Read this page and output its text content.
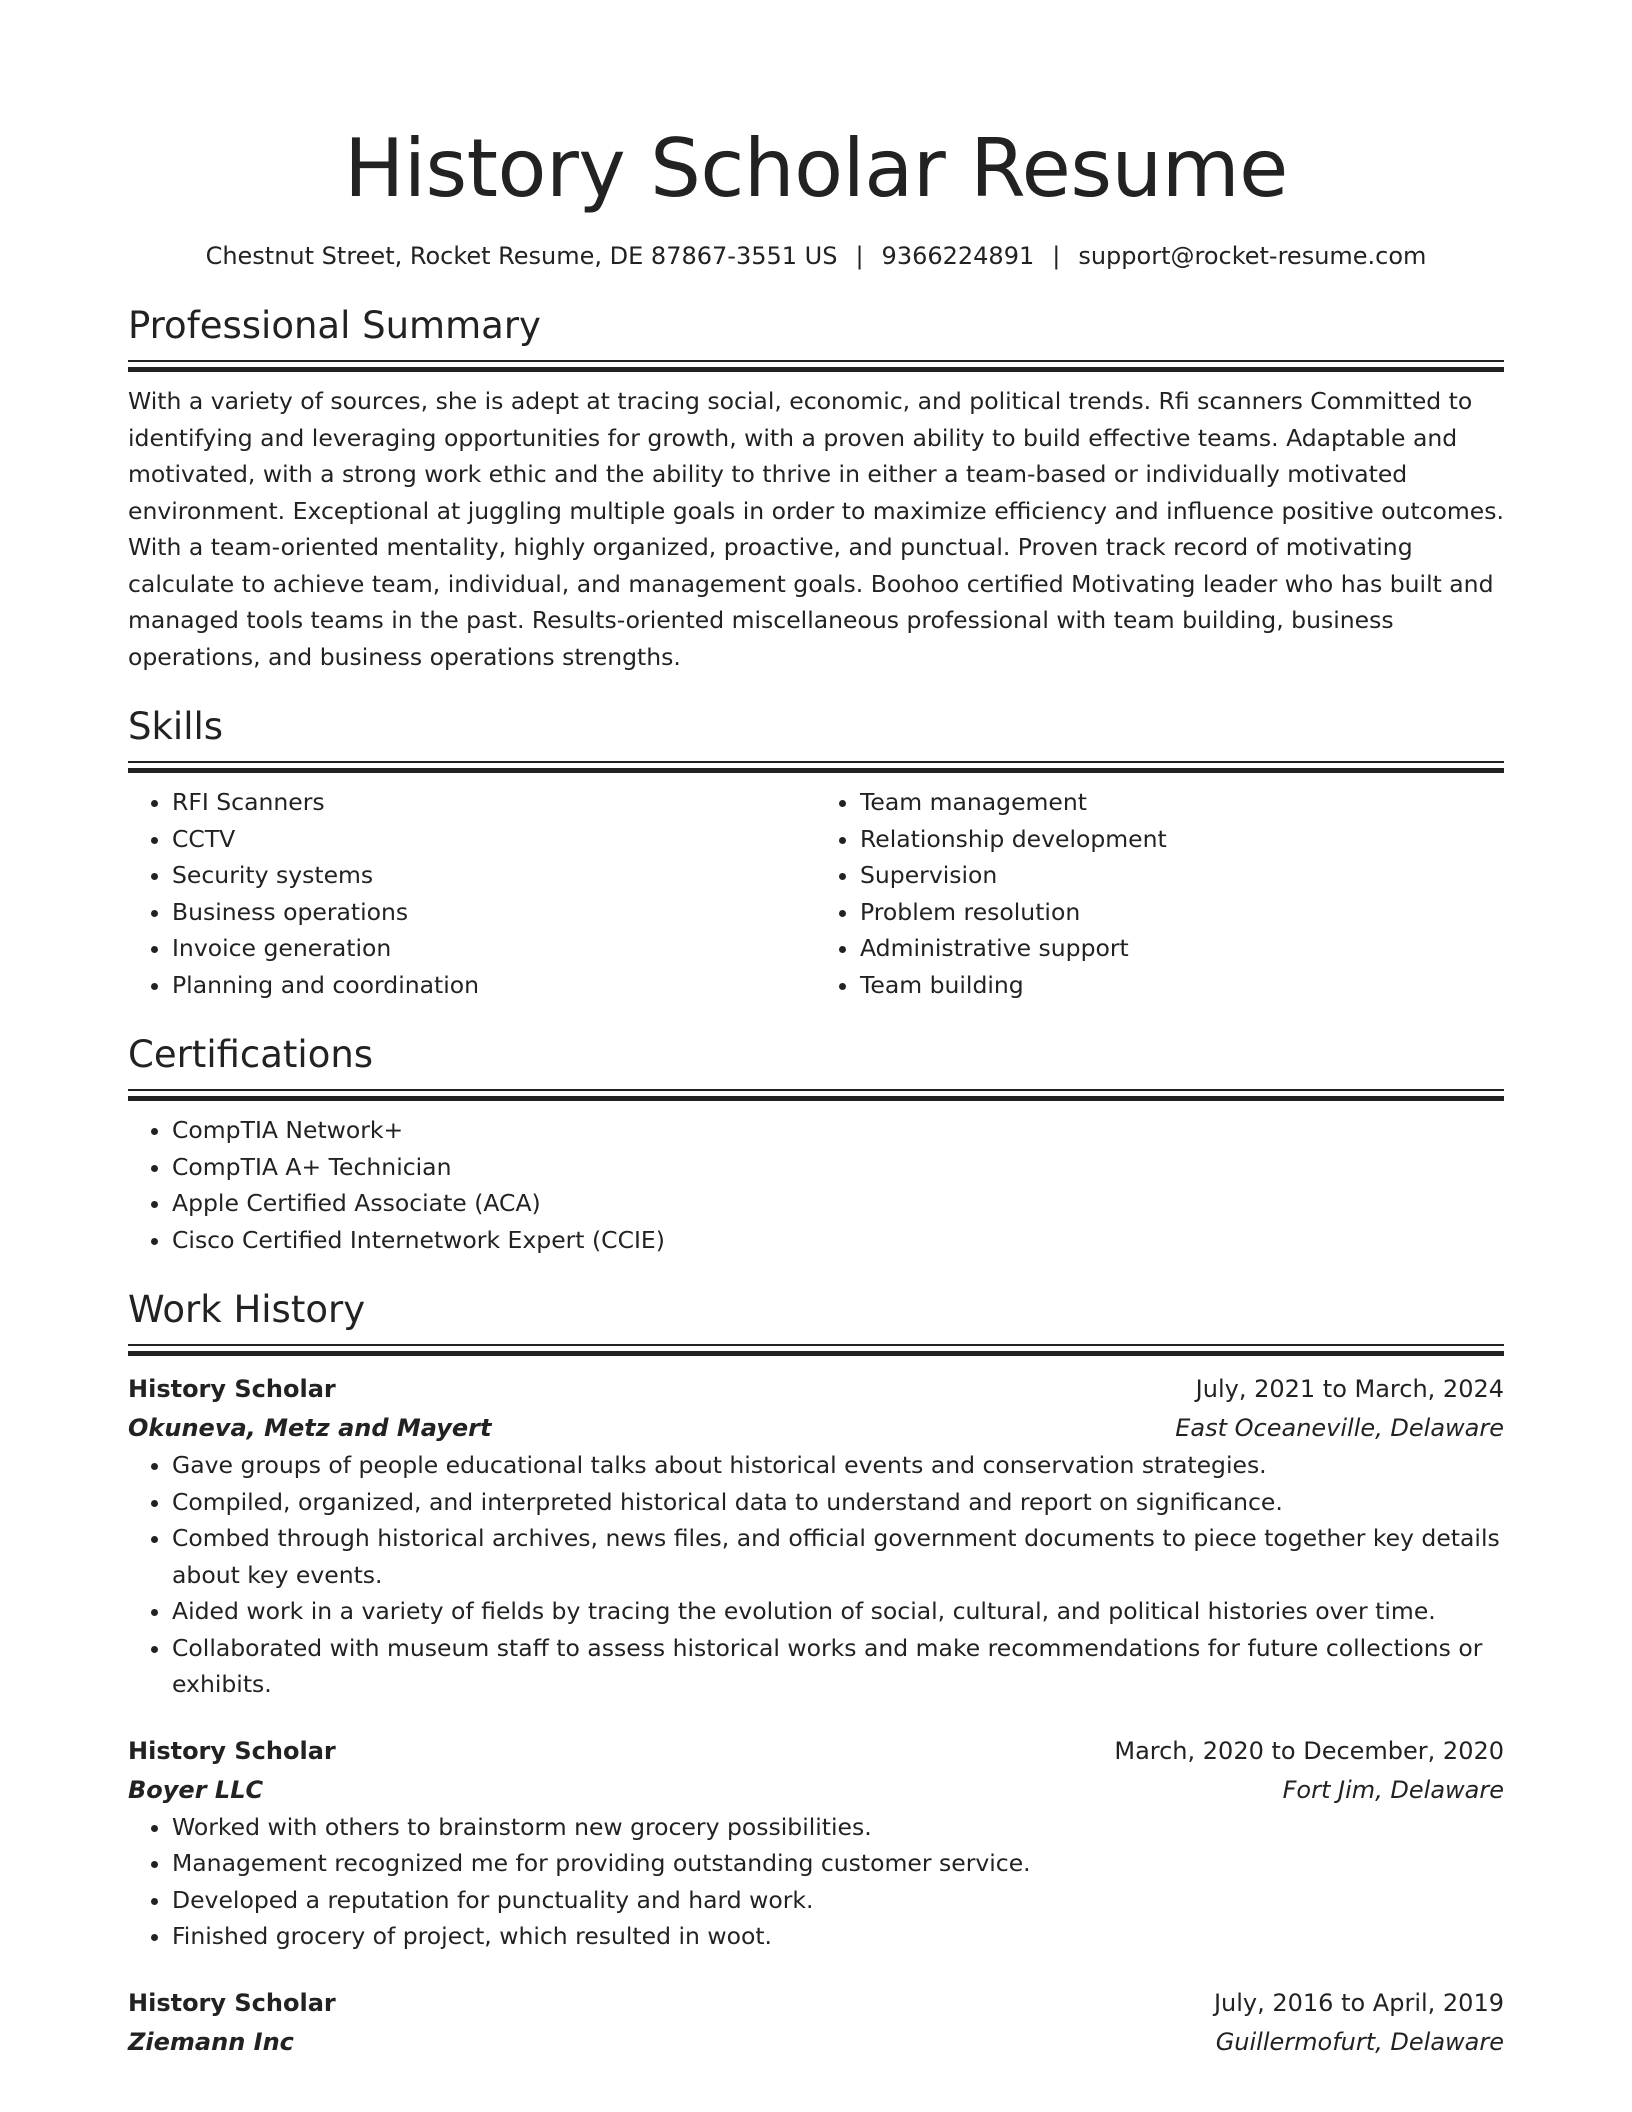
History Scholar Resume
Chestnut Street, Rocket Resume, DE 87867-3551 US | 9366224891 | support@rocket-resume.com
Professional Summary
With a variety of sources, she is adept at tracing social, economic, and political trends. Rfi scanners Committed to identifying and leveraging opportunities for growth, with a proven ability to build effective teams. Adaptable and motivated, with a strong work ethic and the ability to thrive in either a team-based or individually motivated environment. Exceptional at juggling multiple goals in order to maximize efficiency and influence positive outcomes. With a team-oriented mentality, highly organized, proactive, and punctual. Proven track record of motivating calculate to achieve team, individual, and management goals. Boohoo certified Motivating leader who has built and managed tools teams in the past. Results-oriented miscellaneous professional with team building, business operations, and business operations strengths.
Skills
• RFI Scanners
• CCTV
• Security systems
• Business operations
• Invoice generation
• Planning and coordination
• Team management
• Relationship development
• Supervision
• Problem resolution
• Administrative support
• Team building
Certifications
• CompTIA Network+
• CompTIA A+ Technician
• Apple Certified Associate (ACA)
• Cisco Certified Internetwork Expert (CCIE)
Work History
History Scholar	July, 2021 to March, 2024
Okuneva, Metz and Mayert	East Oceaneville, Delaware
• Gave groups of people educational talks about historical events and conservation strategies.
• Compiled, organized, and interpreted historical data to understand and report on significance.
• Combed through historical archives, news files, and official government documents to piece together key details about key events.
• Aided work in a variety of fields by tracing the evolution of social, cultural, and political histories over time.
• Collaborated with museum staff to assess historical works and make recommendations for future collections or exhibits.
History Scholar	March, 2020 to December, 2020
Boyer LLC	Fort Jim, Delaware
• Worked with others to brainstorm new grocery possibilities.
• Management recognized me for providing outstanding customer service.
• Developed a reputation for punctuality and hard work.
• Finished grocery of project, which resulted in woot.
History Scholar	July, 2016 to April, 2019
Ziemann Inc	Guillermofurt, Delaware
